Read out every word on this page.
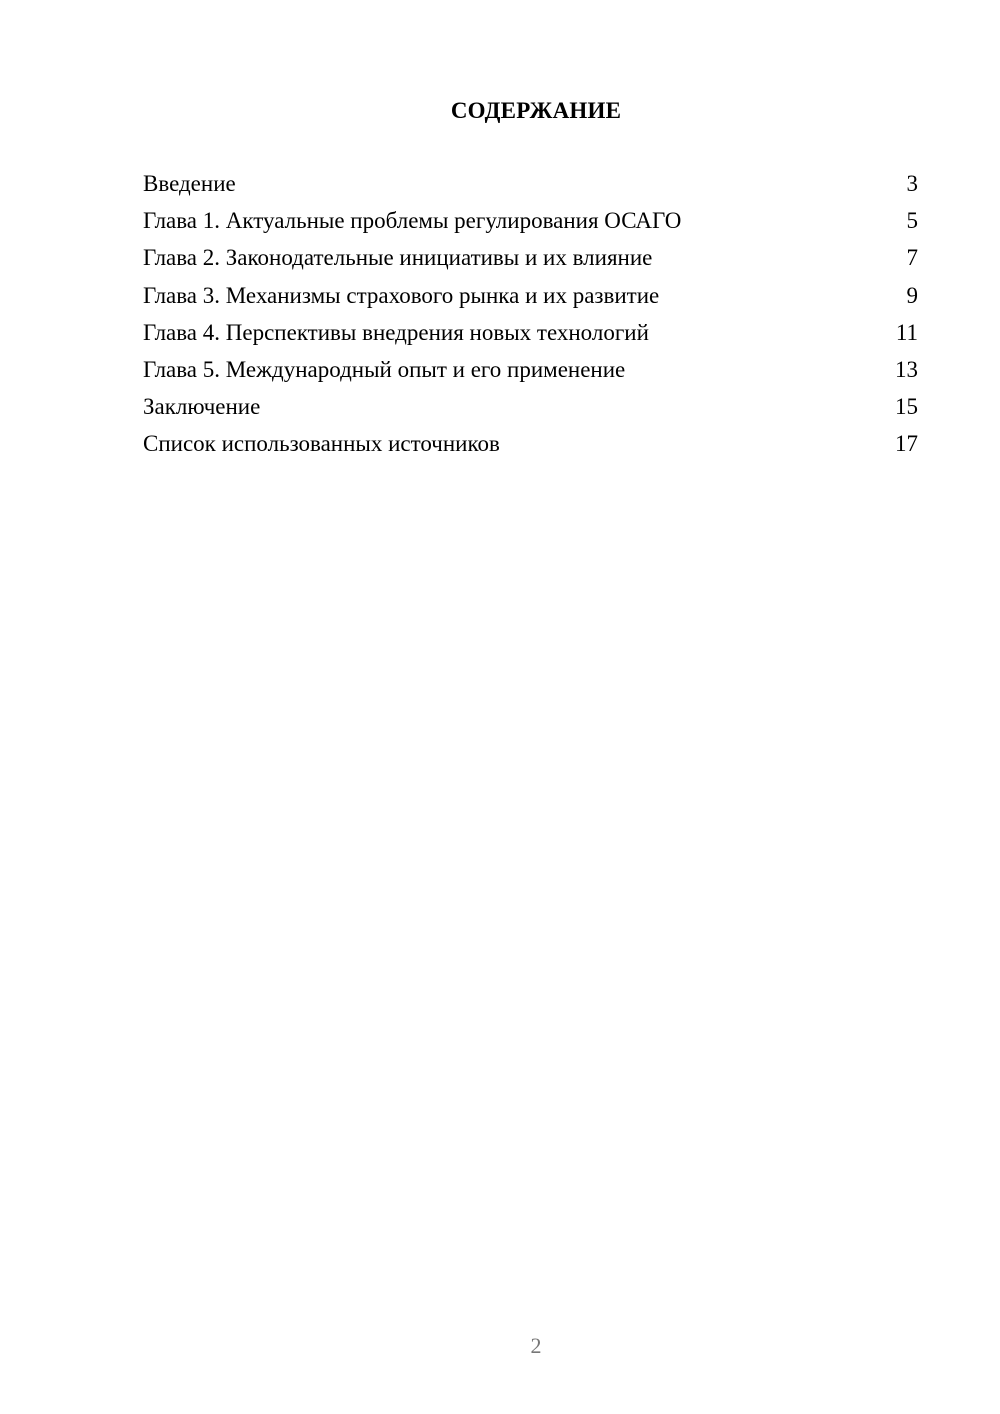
СОДЕРЖАНИЕ
Введение	3
Глава 1. Актуальные проблемы регулирования ОСАГО	5
Глава 2. Законодательные инициативы и их влияние	7
Глава 3. Механизмы страхового рынка и их развитие	9
Глава 4. Перспективы внедрения новых технологий	11
Глава 5. Международный опыт и его применение	13
Заключение	15
Список использованных источников	17
2
